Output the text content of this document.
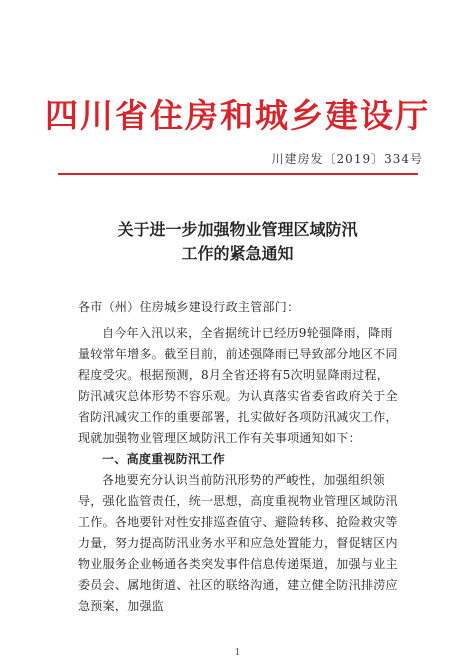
四川省住房和城乡建设厅
川建房发〔2019〕334号
关于进一步加强物业管理区域防汛
工作的紧急通知

各市（州）住房城乡建设行政主管部门：

自今年入汛以来，全省据统计已经历9轮强降雨，降雨量较常年增多。截至目前，前述强降雨已导致部分地区不同程度受灾。根据预测，8月全省还将有5次明显降雨过程，防汛减灾总体形势不容乐观。为认真落实省委省政府关于全省防汛减灾工作的重要部署，扎实做好各项防汛减灾工作，现就加强物业管理区域防汛工作有关事项通知如下：

一、高度重视防汛工作

各地要充分认识当前防汛形势的严峻性，加强组织领导，强化监管责任，统一思想，高度重视物业管理区域防汛工作。各地要针对性安排巡查值守、避险转移、抢险救灾等力量，努力提高防汛业务水平和应急处置能力，督促辖区内物业服务企业畅通各类突发事件信息传递渠道，加强与业主委员会、属地街道、社区的联络沟通，建立健全防汛排涝应急预案，加强监

1
